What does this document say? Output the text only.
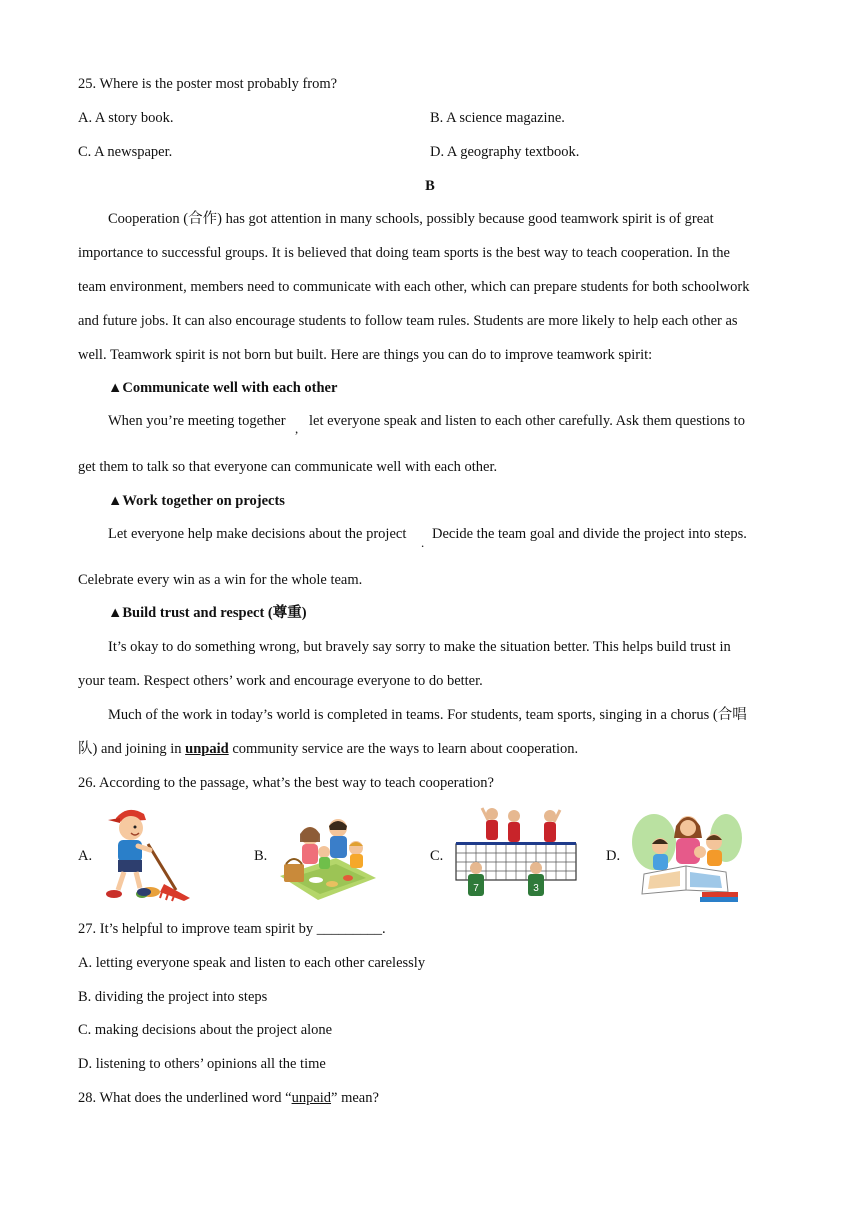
25. Where is the poster most probably from?
A. A story book.	B. A science magazine.
C. A newspaper.	D. A geography textbook.
B
Cooperation (合作) has got attention in many schools, possibly because good teamwork spirit is of great
importance to successful groups. It is believed that doing team sports is the best way to teach cooperation. In the
team environment, members need to communicate with each other, which can prepare students for both schoolwork
and future jobs. It can also encourage students to follow team rules. Students are more likely to help each other as
well. Teamwork spirit is not born but built. Here are things you can do to improve teamwork spirit:
▲Communicate well with each other
When you’re meeting together , let everyone speak and listen to each other carefully. Ask them questions to
get them to talk so that everyone can communicate well with each other.
▲Work together on projects
Let everyone help make decisions about the project
.
Decide the team goal and divide the project into steps.
Celebrate every win as a win for the whole team.
▲Build trust and respect (尊重)
It’s okay to do something wrong, but bravely say sorry to make the situation better. This helps build trust in
your team. Respect others’ work and encourage everyone to do better.
Much of the work in today’s world is completed in teams. For students, team sports, singing in a chorus (合唱
队) and joining in unpaid community service are the ways to learn about cooperation.
26. According to the passage, what’s the best way to teach cooperation?
A.	B.	C.	D.
7	3
27. It’s helpful to improve team spirit by _________.
A. letting everyone speak and listen to each other carelessly
B. dividing the project into steps
C. making decisions about the project alone
D. listening to others’ opinions all the time
28. What does the underlined word “unpaid” mean?
